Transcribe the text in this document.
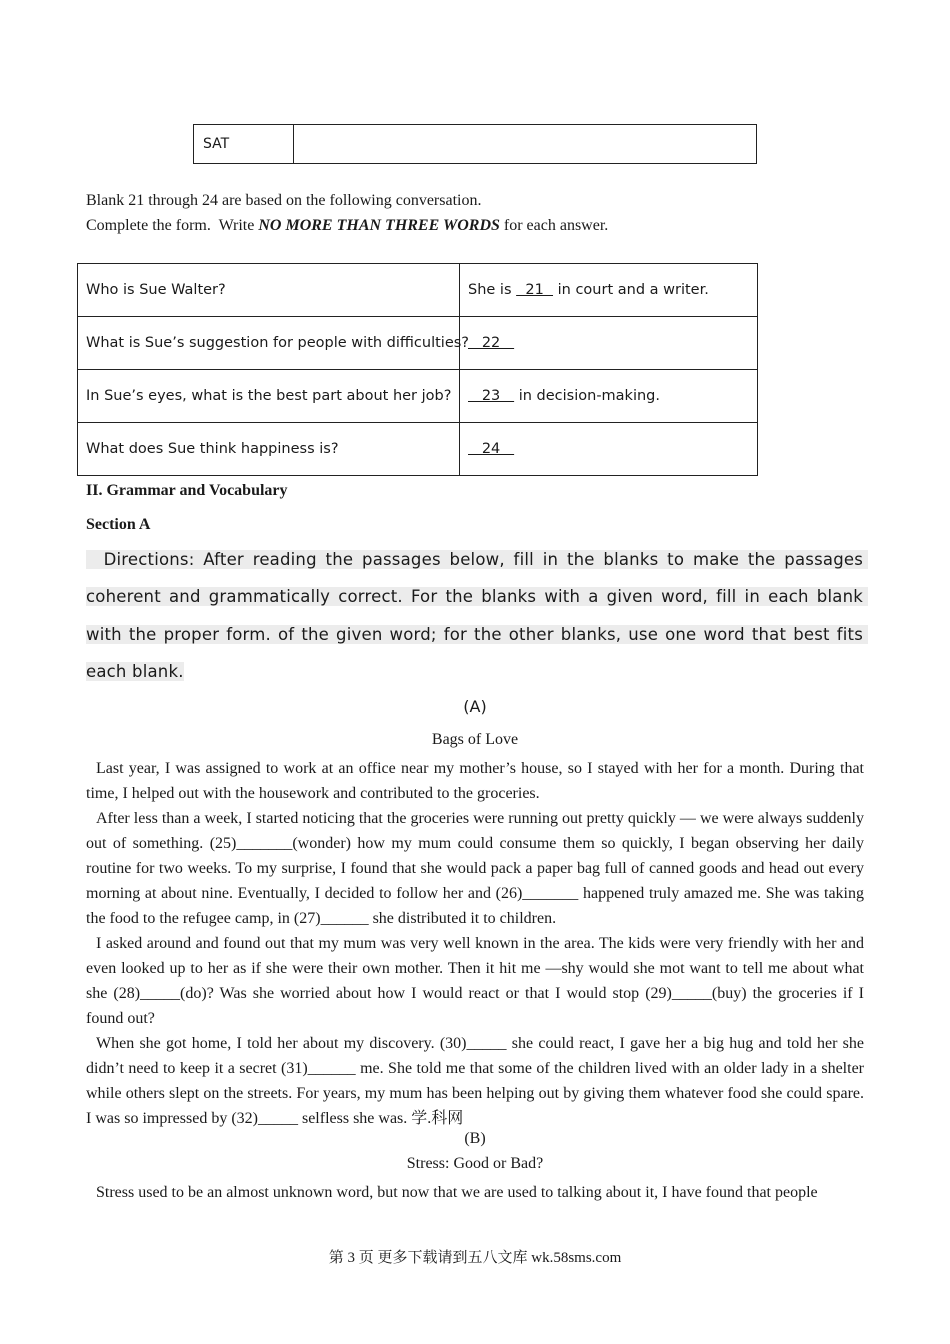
SAT	
Blank 21 through 24 are based on the following conversation.
Complete the form.  Write NO MORE THAN THREE WORDS for each answer.
Who is Sue Walter?	She is   21   in court and a writer.
What is Sue’s suggestion for people with difficulties?	22
In Sue’s eyes, what is the best part about her job?	23    in decision-making.
What does Sue think happiness is?	24
II. Grammar and Vocabulary
Section A
Directions: After reading the passages below, fill in the blanks to make the passages coherent and grammatically correct. For the blanks with a given word, fill in each blank with the proper form. of the given word; for the other blanks, use one word that best fits each blank.
(A)
Bags of Love

Last year, I was assigned to work at an office near my mother’s house, so I stayed with her for a month. During that time, I helped out with the housework and contributed to the groceries.

After less than a week, I started noticing that the groceries were running out pretty quickly — we were always suddenly out of something. (25)_______(wonder) how my mum could consume them so quickly, I began observing her daily routine for two weeks. To my surprise, I found that she would pack a paper bag full of canned goods and head out every morning at about nine. Eventually, I decided to follow her and (26)_______ happened truly amazed me. She was taking the food to the refugee camp, in (27)______ she distributed it to children.

I asked around and found out that my mum was very well known in the area. The kids were very friendly with her and even looked up to her as if she were their own mother. Then it hit me —shy would she mot want to tell me about what she (28)_____(do)? Was she worried about how I would react or that I would stop (29)_____(buy) the groceries if I found out?

When she got home, I told her about my discovery. (30)_____ she could react, I gave her a big hug and told her she didn’t need to keep it a secret (31)______ me. She told me that some of the children lived with an older lady in a shelter while others slept on the streets. For years, my mum has been helping out by giving them whatever food she could spare. I was so impressed by (32)_____ selfless she was. 学.科网

(B)
Stress: Good or Bad?

Stress used to be an almost unknown word, but now that we are used to talking about it, I have found that people

第 3 页 更多下载请到五八文库 wk.58sms.com
